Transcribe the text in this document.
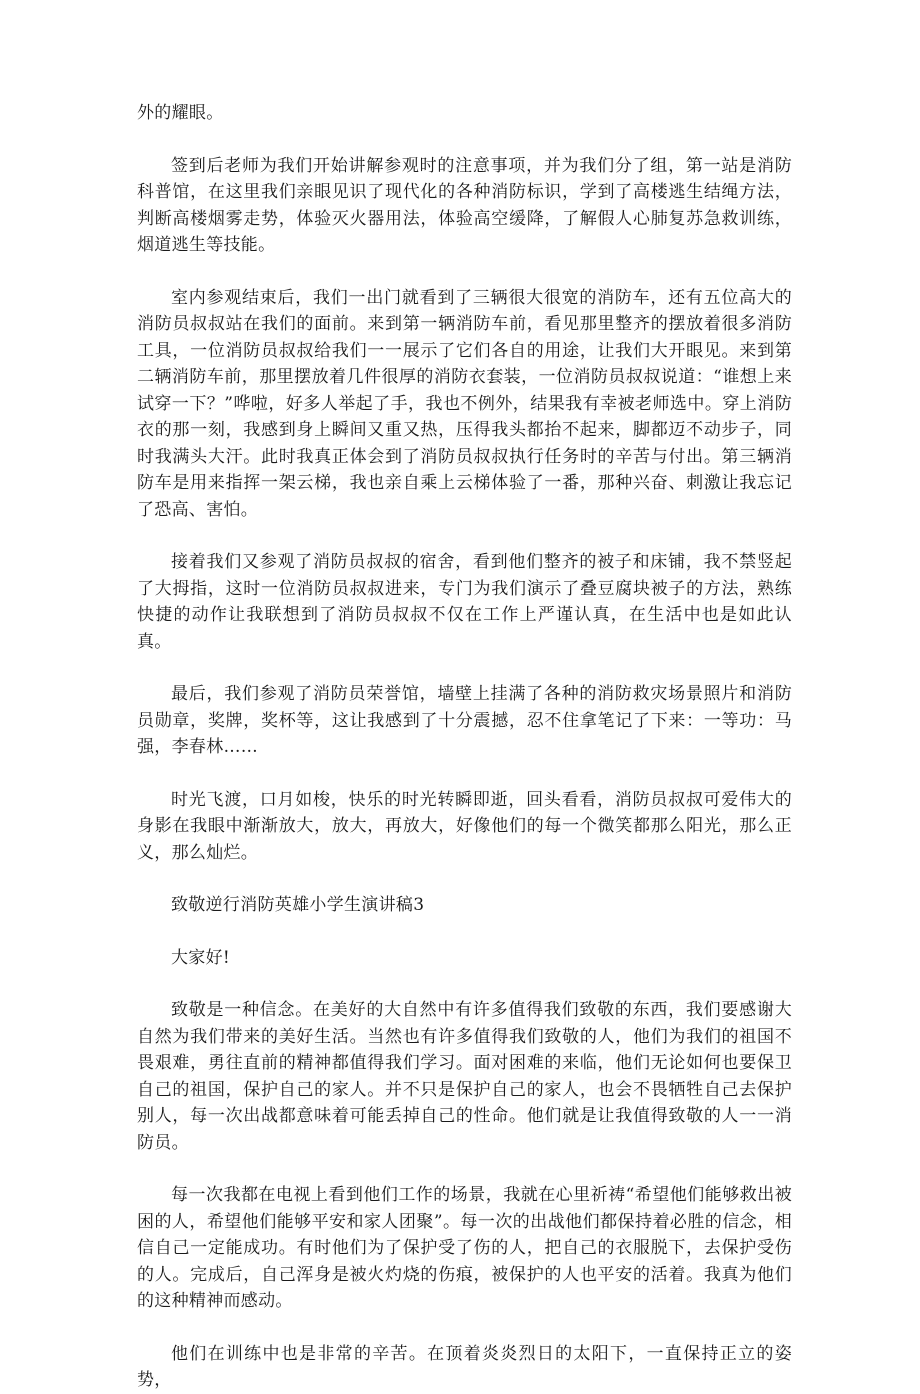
外的耀眼。

签到后老师为我们开始讲解参观时的注意事项，并为我们分了组，第一站是消防科普馆，在这里我们亲眼见识了现代化的各种消防标识，学到了高楼逃生结绳方法，判断高楼烟雾走势，体验灭火器用法，体验高空缓降，了解假人心肺复苏急救训练，烟道逃生等技能。

室内参观结束后，我们一出门就看到了三辆很大很宽的消防车，还有五位高大的消防员叔叔站在我们的面前。来到第一辆消防车前，看见那里整齐的摆放着很多消防工具，一位消防员叔叔给我们一一展示了它们各自的用途，让我们大开眼见。来到第二辆消防车前，那里摆放着几件很厚的消防衣套装，一位消防员叔叔说道：“谁想上来试穿一下？”哗啦，好多人举起了手，我也不例外，结果我有幸被老师选中。穿上消防衣的那一刻，我感到身上瞬间又重又热，压得我头都抬不起来，脚都迈不动步子，同时我满头大汗。此时我真正体会到了消防员叔叔执行任务时的辛苦与付出。第三辆消防车是用来指挥一架云梯，我也亲自乘上云梯体验了一番，那种兴奋、刺激让我忘记了恐高、害怕。

接着我们又参观了消防员叔叔的宿舍，看到他们整齐的被子和床铺，我不禁竖起了大拇指，这时一位消防员叔叔进来，专门为我们演示了叠豆腐块被子的方法，熟练快捷的动作让我联想到了消防员叔叔不仅在工作上严谨认真，在生活中也是如此认真。

最后，我们参观了消防员荣誉馆，墙壁上挂满了各种的消防救灾场景照片和消防员勋章，奖牌，奖杯等，这让我感到了十分震撼，忍不住拿笔记了下来：一等功：马强，李春林……

时光飞渡，口月如梭，快乐的时光转瞬即逝，回头看看，消防员叔叔可爱伟大的身影在我眼中渐渐放大，放大，再放大，好像他们的每一个微笑都那么阳光，那么正义，那么灿烂。

致敬逆行消防英雄小学生演讲稿3

大家好!

致敬是一种信念。在美好的大自然中有许多值得我们致敬的东西，我们要感谢大自然为我们带来的美好生活。当然也有许多值得我们致敬的人，他们为我们的祖国不畏艰难，勇往直前的精神都值得我们学习。面对困难的来临，他们无论如何也要保卫自己的祖国，保护自己的家人。并不只是保护自己的家人，也会不畏牺牲自己去保护别人，每一次出战都意味着可能丢掉自己的性命。他们就是让我值得致敬的人一一消防员。

每一次我都在电视上看到他们工作的场景，我就在心里祈祷“希望他们能够救出被困的人，希望他们能够平安和家人团聚”。每一次的出战他们都保持着必胜的信念，相信自己一定能成功。有时他们为了保护受了伤的人，把自己的衣服脱下，去保护受伤的人。完成后，自己浑身是被火灼烧的伤痕，被保护的人也平安的活着。我真为他们的这种精神而感动。

他们在训练中也是非常的辛苦。在顶着炎炎烈日的太阳下，一直保持正立的姿势，
